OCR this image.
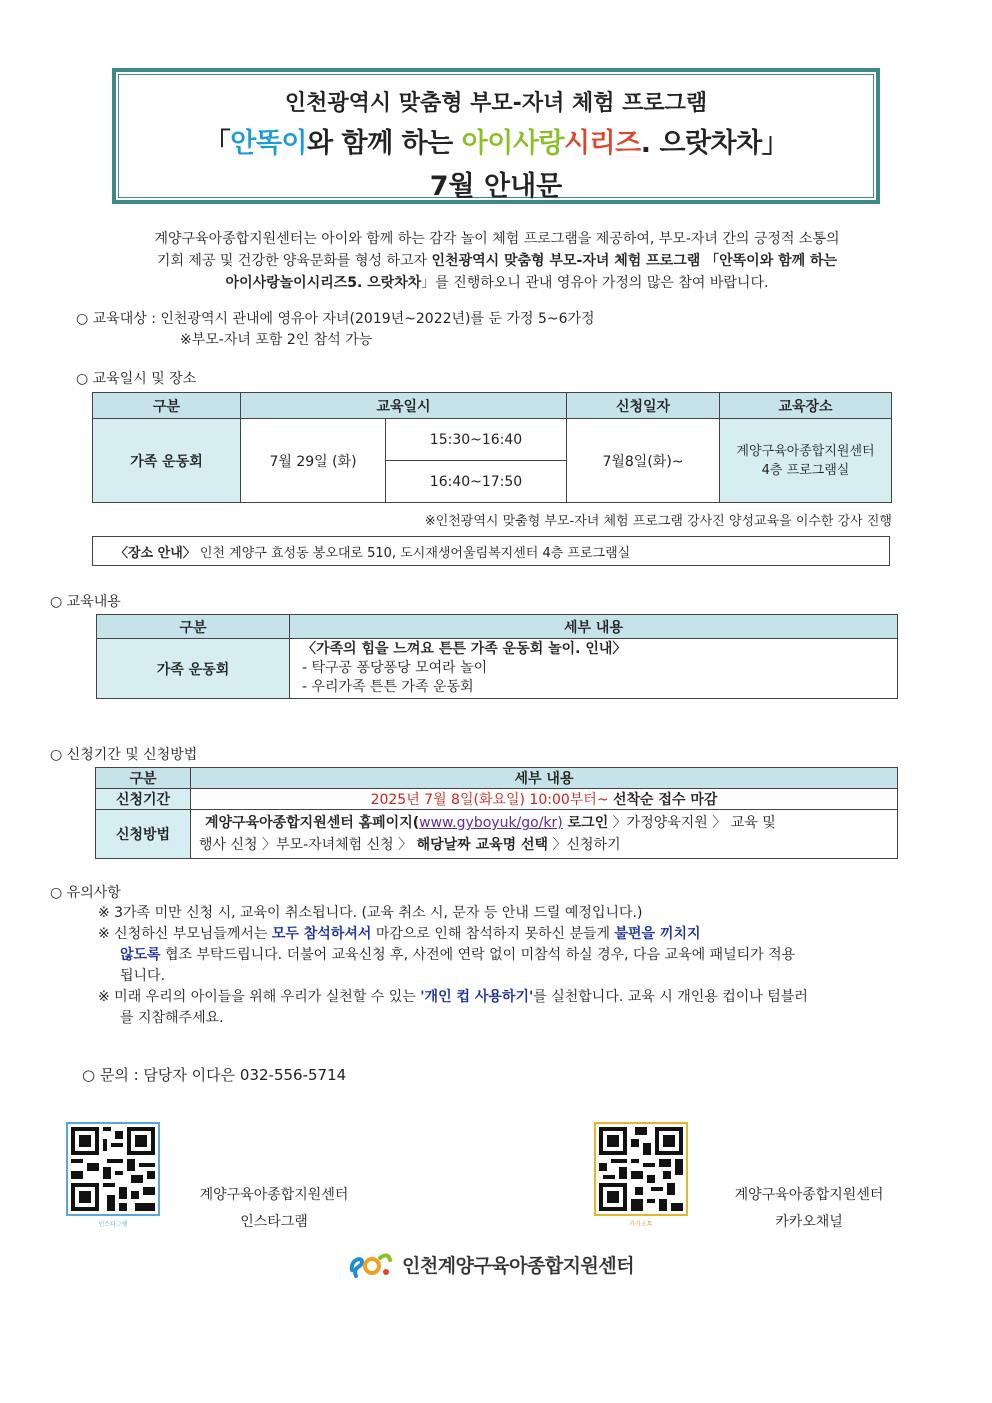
인천광역시 맞춤형 부모-자녀 체험 프로그램
「안똑이와 함께 하는 아이사랑시리즈. 으랏차차」
7월 안내문
계양구육아종합지원센터는 아이와 함께 하는 감각 놀이 체험 프로그램을 제공하여, 부모-자녀 간의 긍정적 소통의
기회 제공 및 건강한 양육문화를 형성 하고자 인천광역시 맞춤형 부모-자녀 체험 프로그램 「안똑이와 함께 하는
아이사랑놀이시리즈5. 으랏차차」를 진행하오니 관내 영유아 가정의 많은 참여 바랍니다.
○ 교육대상 : 인천광역시 관내에 영유아 자녀(2019년~2022년)를 둔 가정 5~6가정
※부모-자녀 포함 2인 참석 가능
○ 교육일시 및 장소
구분	교육일시		신청일자	교육장소
가족 운동회	7월 29일 (화)	15:30~16:40	7월8일(화)~	계양구육아종합지원센터 4층 프로그램실
		16:40~17:50		
※인천광역시 맞춤형 부모-자녀 체험 프로그램 강사진 양성교육을 이수한 강사 진행
〈장소 안내〉 인천 계양구 효성동 봉오대로 510, 도시재생어울림복지센터 4층 프로그램실
○ 교육내용
구분	세부 내용
가족 운동회	〈가족의 힘을 느껴요 튼튼 가족 운동회 놀이. 인내〉
- 탁구공 퐁당퐁당 모여라 놀이
- 우리가족 튼튼 가족 운동회
○ 신청기간 및 신청방법
구분	세부 내용
신청기간	2025년 7월 8일(화요일) 10:00부터~ 선착순 접수 마감
신청방법	계양구육아종합지원센터 홈페이지(www.gyboyuk/go/kr) 로그인 〉가정양육지원 〉 교육 및
행사 신청 〉부모-자녀체험 신청 〉 해당날짜 교육명 선택 〉신청하기
○ 유의사항
※ 3가족 미만 신청 시, 교육이 취소됩니다. (교육 취소 시, 문자 등 안내 드릴 예정입니다.)
※ 신청하신 부모님들께서는 모두 참석하셔서 마감으로 인해 참석하지 못하신 분들게 불편을 끼치지
않도록 협조 부탁드립니다. 더불어 교육신청 후, 사전에 연락 없이 미참석 하실 경우, 다음 교육에 패널티가 적용
됩니다.
※ 미래 우리의 아이들을 위해 우리가 실천할 수 있는 '개인 컵 사용하기'를 실천합니다. 교육 시 개인용 컵이나 텀블러
를 지참해주세요.
○ 문의 : 담당자 이다은 032-556-5714
인스타그램
계양구육아종합지원센터
인스타그램	카카오톡
계양구육아종합지원센터
카카오채널
인천계양구육아종합지원센터
